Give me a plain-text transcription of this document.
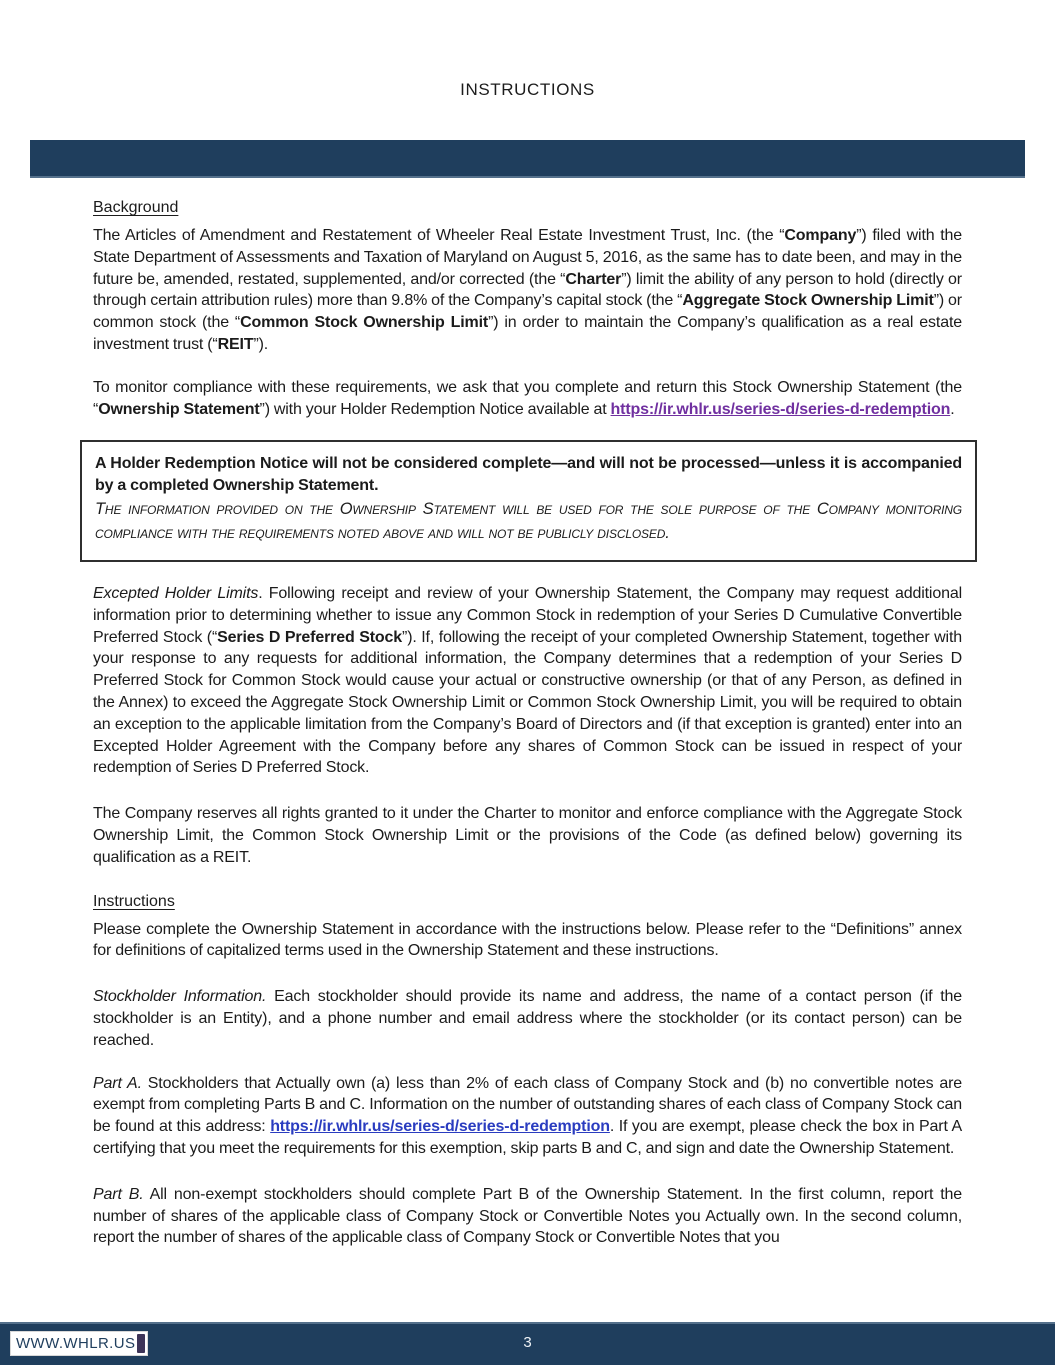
INSTRUCTIONS
Background

The Articles of Amendment and Restatement of Wheeler Real Estate Investment Trust, Inc. (the “Company”) filed with the State Department of Assessments and Taxation of Maryland on August 5, 2016, as the same has to date been, and may in the future be, amended, restated, supplemented, and/or corrected (the “Charter”) limit the ability of any person to hold (directly or through certain attribution rules) more than 9.8% of the Company’s capital stock (the “Aggregate Stock Ownership Limit”) or common stock (the “Common Stock Ownership Limit”) in order to maintain the Company’s qualification as a real estate investment trust (“REIT”).

To monitor compliance with these requirements, we ask that you complete and return this Stock Ownership Statement (the “Ownership Statement”) with your Holder Redemption Notice available at https://ir.whlr.us/series-d/series-d-redemption.

A Holder Redemption Notice will not be considered complete—and will not be processed—unless it is accompanied by a completed Ownership Statement.

The information provided on the Ownership Statement will be used for the sole purpose of the Company monitoring compliance with the requirements noted above and will not be publicly disclosed.

Excepted Holder Limits. Following receipt and review of your Ownership Statement, the Company may request additional information prior to determining whether to issue any Common Stock in redemption of your Series D Cumulative Convertible Preferred Stock (“Series D Preferred Stock”). If, following the receipt of your completed Ownership Statement, together with your response to any requests for additional information, the Company determines that a redemption of your Series D Preferred Stock for Common Stock would cause your actual or constructive ownership (or that of any Person, as defined in the Annex) to exceed the Aggregate Stock Ownership Limit or Common Stock Ownership Limit, you will be required to obtain an exception to the applicable limitation from the Company’s Board of Directors and (if that exception is granted) enter into an Excepted Holder Agreement with the Company before any shares of Common Stock can be issued in respect of your redemption of Series D Preferred Stock.

The Company reserves all rights granted to it under the Charter to monitor and enforce compliance with the Aggregate Stock Ownership Limit, the Common Stock Ownership Limit or the provisions of the Code (as defined below) governing its qualification as a REIT.

Instructions

Please complete the Ownership Statement in accordance with the instructions below. Please refer to the “Definitions” annex for definitions of capitalized terms used in the Ownership Statement and these instructions.

Stockholder Information. Each stockholder should provide its name and address, the name of a contact person (if the stockholder is an Entity), and a phone number and email address where the stockholder (or its contact person) can be reached.

Part A. Stockholders that Actually own (a) less than 2% of each class of Company Stock and (b) no convertible notes are exempt from completing Parts B and C. Information on the number of outstanding shares of each class of Company Stock can be found at this address: https://ir.whlr.us/series-d/series-d-redemption. If you are exempt, please check the box in Part A certifying that you meet the requirements for this exemption, skip parts B and C, and sign and date the Ownership Statement.

Part B. All non-exempt stockholders should complete Part B of the Ownership Statement. In the first column, report the number of shares of the applicable class of Company Stock or Convertible Notes you Actually own. In the second column, report the number of shares of the applicable class of Company Stock or Convertible Notes that you

WWW.WHLR.US	3
